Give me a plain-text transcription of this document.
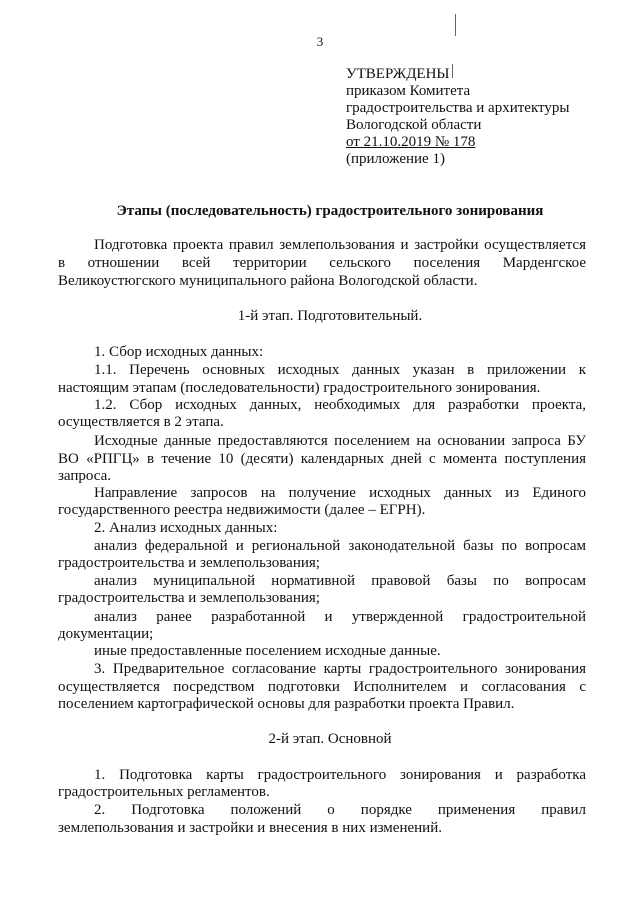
3
УТВЕРЖДЕНЫ
приказом Комитета
градостроительства и архитектуры
Вологодской области
от 21.10.2019 № 178
(приложение 1)
Этапы (последовательность) градостроительного зонирования
Подготовка проекта правил землепользования и застройки осуществляется
в отношении всей территории сельского поселения Марденгское
Великоустюгского муниципального района Вологодской области.
1-й этап. Подготовительный.
1. Сбор исходных данных:
1.1. Перечень основных исходных данных указан в приложении к
настоящим этапам (последовательности) градостроительного зонирования.
1.2. Сбор исходных данных, необходимых для разработки проекта,
осуществляется в 2 этапа.
Исходные данные предоставляются поселением на основании запроса БУ
ВО «РПГЦ» в течение 10 (десяти) календарных дней с момента поступления
запроса.
Направление запросов на получение исходных данных из Единого
государственного реестра недвижимости (далее – ЕГРН).
2. Анализ исходных данных:
анализ федеральной и региональной законодательной базы по вопросам
градостроительства и землепользования;
анализ муниципальной нормативной правовой базы по вопросам
градостроительства и землепользования;
анализ ранее разработанной и утвержденной градостроительной
документации;
иные предоставленные поселением исходные данные.
3. Предварительное согласование карты градостроительного зонирования
осуществляется посредством подготовки Исполнителем и согласования с
поселением картографической основы для разработки проекта Правил.
2-й этап. Основной
1. Подготовка карты градостроительного зонирования и разработка
градостроительных регламентов.
2. Подготовка положений о порядке применения правил
землепользования и застройки и внесения в них изменений.
